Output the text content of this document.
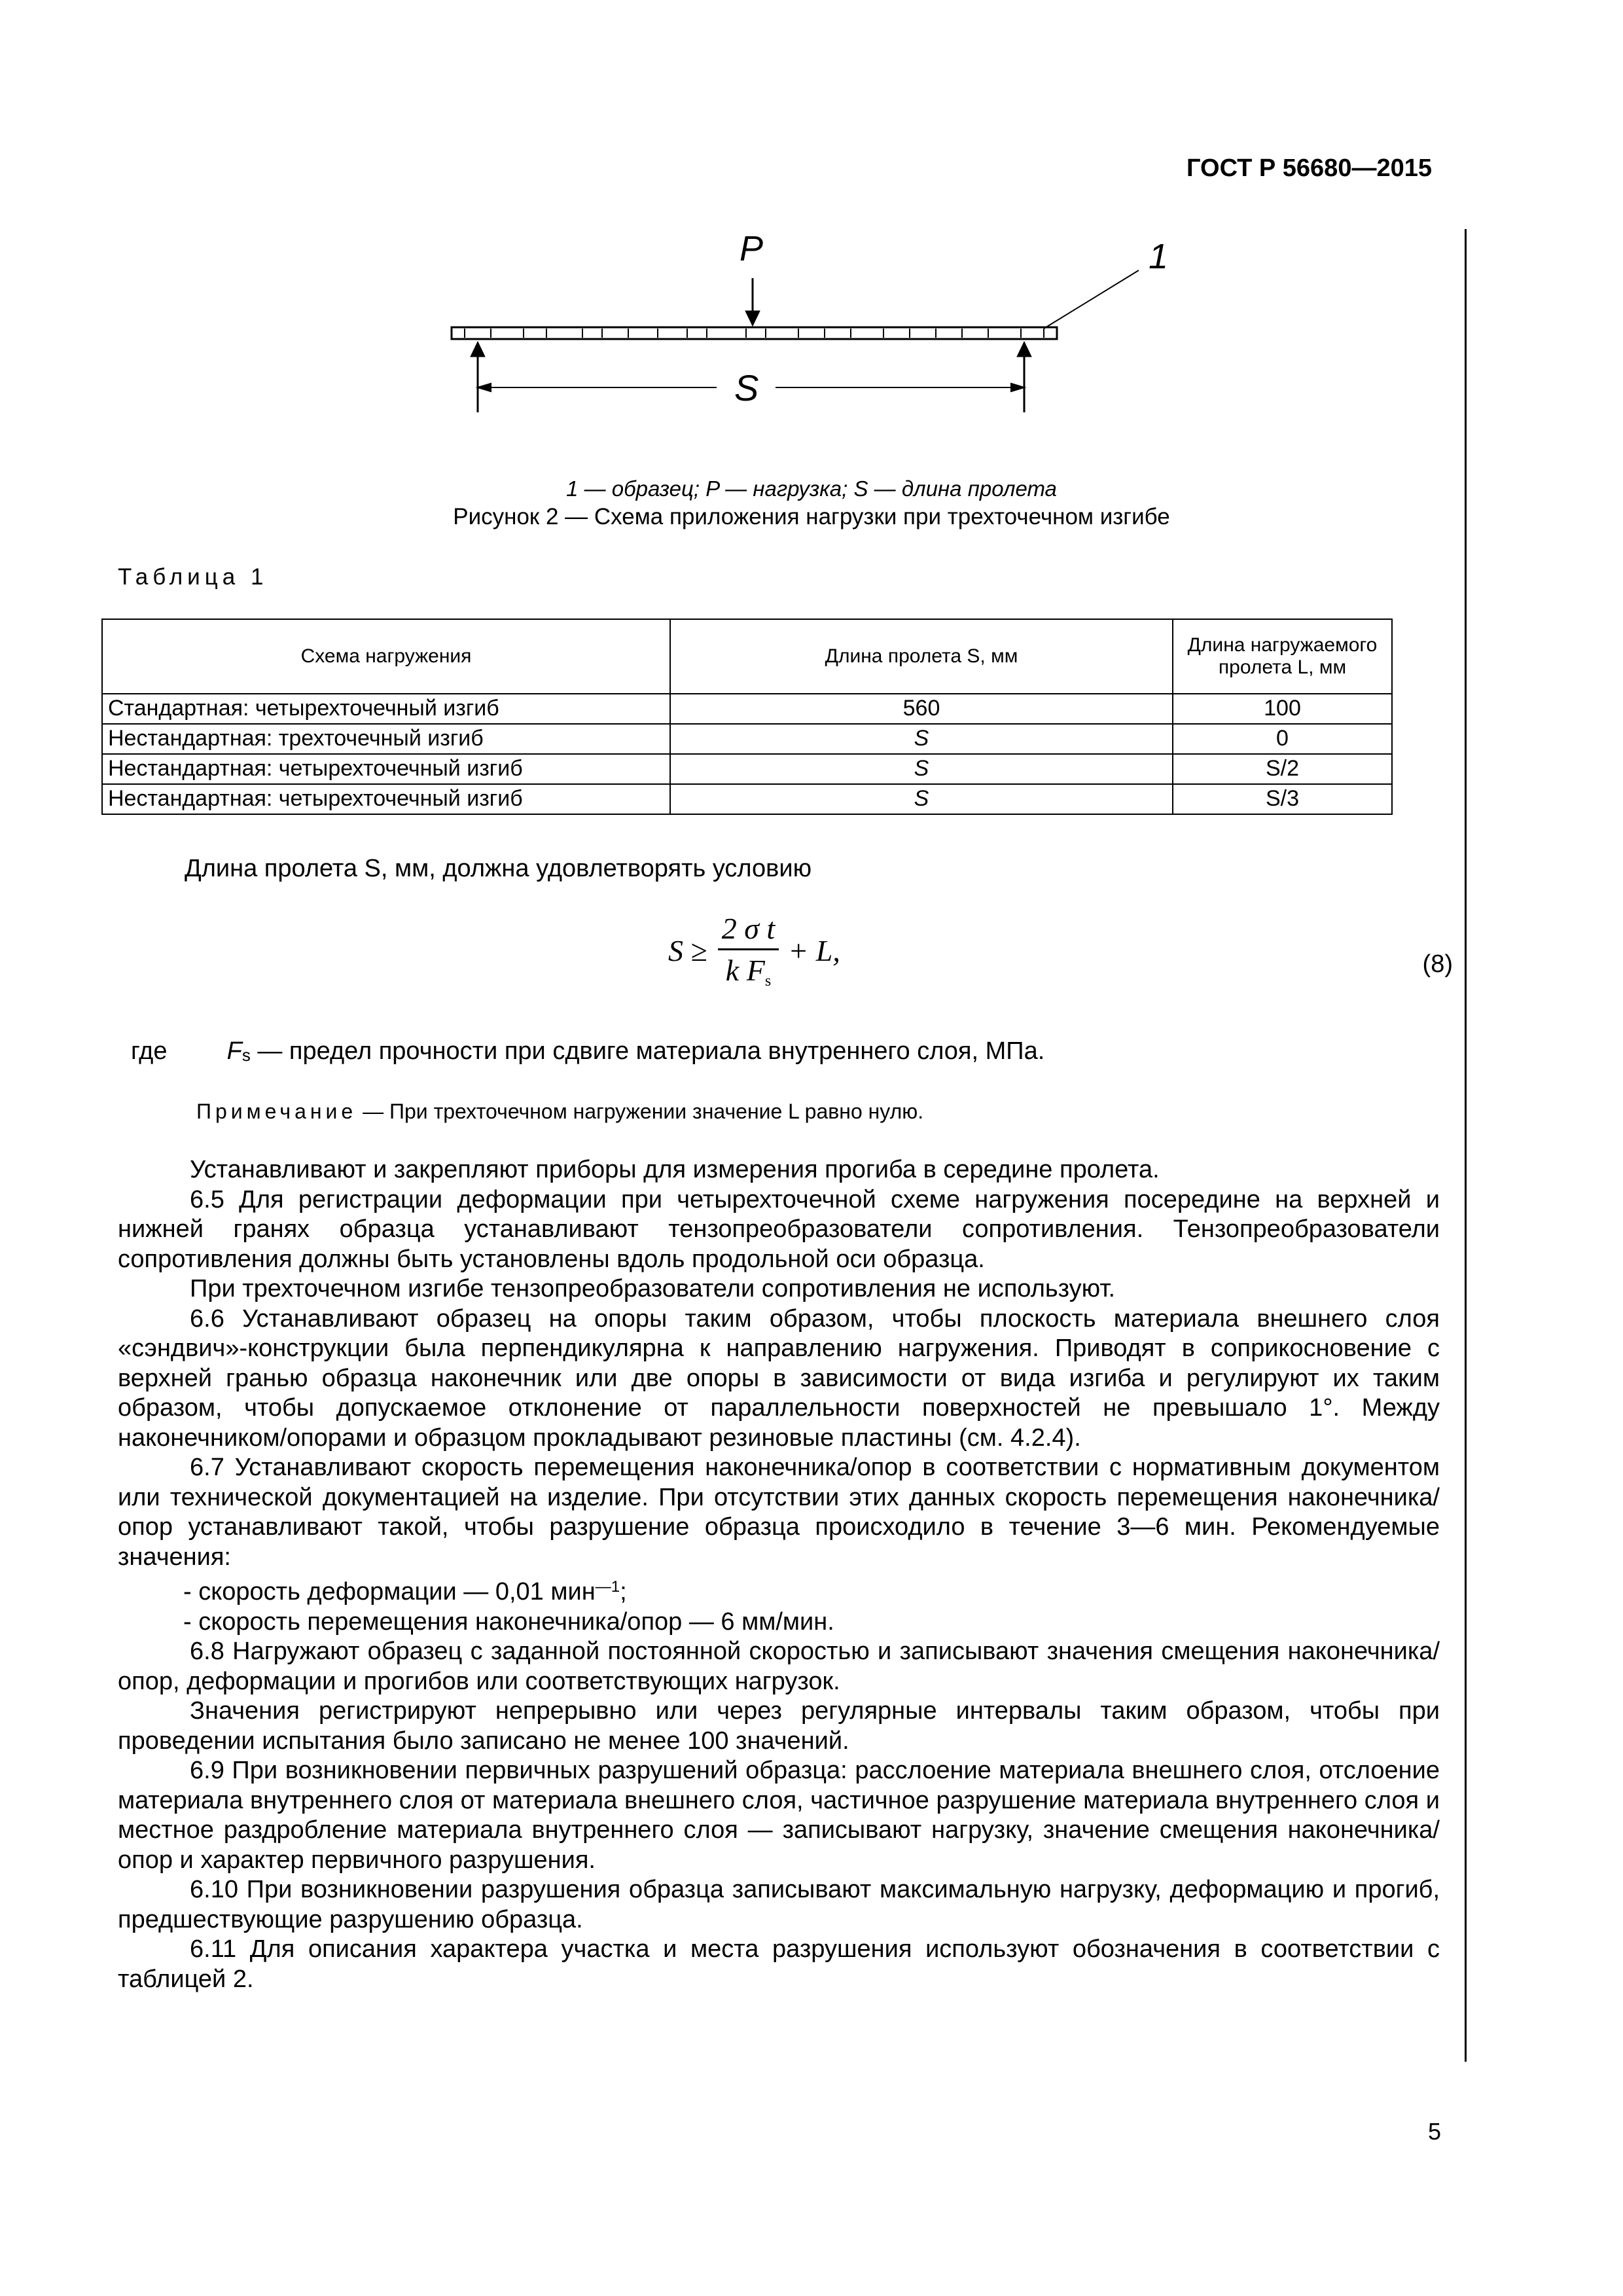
ГОСТ Р 56680—2015
P
S
1
1 — образец; P — нагрузка; S — длина пролета
Рисунок 2 — Схема приложения нагрузки при трехточечном изгибе
Таблица 1
Схема нагружения	Длина пролета S, мм	Длина нагружаемого пролета L, мм
Стандартная: четырехточечный изгиб	560	100
Нестандартная: трехточечный изгиб	S	0
Нестандартная: четырехточечный изгиб	S	S/2
Нестандартная: четырехточечный изгиб	S	S/3
Длина пролета S, мм, должна удовлетворять условию
S ≥	
2 σ t
k $F_s$
	+ L,	(8)
где Fs — предел прочности при сдвиге материала внутреннего слоя, МПа.
Примечание — При трехточечном нагружении значение L равно нулю.

Устанавливают и закрепляют приборы для измерения прогиба в середине пролета.

6.5 Для регистрации деформации при четырехточечной схеме нагружения посередине на верхней и нижней гранях образца устанавливают тензопреобразователи сопротивления. Тензопреобразователи сопротивления должны быть установлены вдоль продольной оси образца.

При трехточечном изгибе тензопреобразователи сопротивления не используют.

6.6 Устанавливают образец на опоры таким образом, чтобы плоскость материала внешнего слоя «сэндвич»-конструкции была перпендикулярна к направлению нагружения. Приводят в соприкосновение с верхней гранью образца наконечник или две опоры в зависимости от вида изгиба и регулируют их таким образом, чтобы допускаемое отклонение от параллельности поверхностей не превышало 1°. Между наконечником/опорами и образцом прокладывают резиновые пластины (см. 4.2.4).

6.7 Устанавливают скорость перемещения наконечника/опор в соответствии с нормативным документом или технической документацией на изделие. При отсутствии этих данных скорость перемещения наконечника/опор устанавливают такой, чтобы разрушение образца происходило в течение 3—6 мин. Рекомендуемые значения:

- скорость деформации — 0,01 мин$^{—1}$;

- скорость перемещения наконечника/опор — 6 мм/мин.

6.8 Нагружают образец с заданной постоянной скоростью и записывают значения смещения наконечника/опор, деформации и прогибов или соответствующих нагрузок.

Значения регистрируют непрерывно или через регулярные интервалы таким образом, чтобы при проведении испытания было записано не менее 100 значений.

6.9 При возникновении первичных разрушений образца: расслоение материала внешнего слоя, отслоение материала внутреннего слоя от материала внешнего слоя, частичное разрушение материала внутреннего слоя и местное раздробление материала внутреннего слоя — записывают нагрузку, значение смещения наконечника/опор и характер первичного разрушения.

6.10 При возникновении разрушения образца записывают максимальную нагрузку, деформацию и прогиб, предшествующие разрушению образца.

6.11 Для описания характера участка и места разрушения используют обозначения в соответствии с таблицей 2.

5
